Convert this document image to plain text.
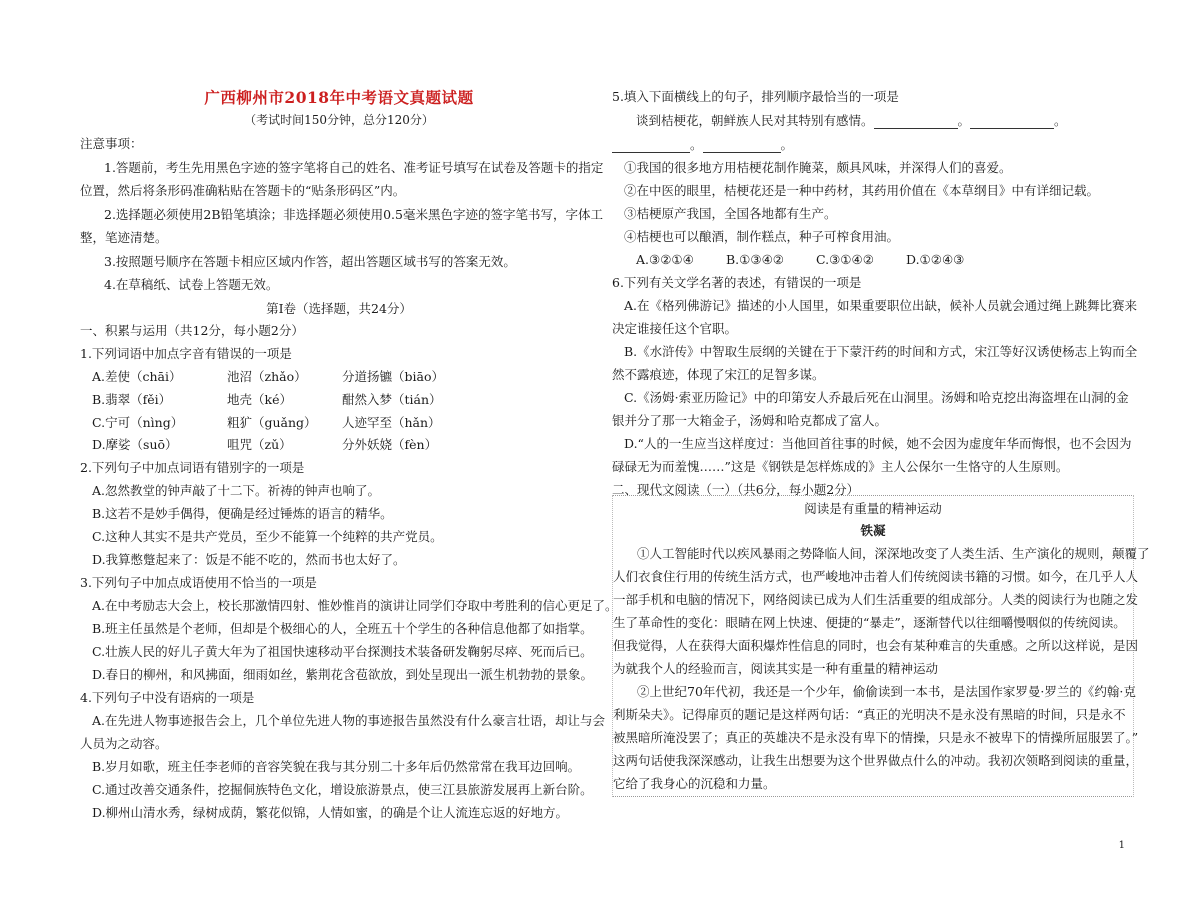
广西柳州市2018年中考语文真题试题

（考试时间150分钟，总分120分）

注意事项：

1.答题前，考生先用黑色字迹的签字笔将自己的姓名、准考证号填写在试卷及答题卡的指定

位置，然后将条形码准确粘贴在答题卡的“贴条形码区”内。

2.选择题必须使用2B铅笔填涂；非选择题必须使用0.5毫米黑色字迹的签字笔书写，字体工

整，笔迹清楚。

3.按照题号顺序在答题卡相应区域内作答，超出答题区域书写的答案无效。

4.在草稿纸、试卷上答题无效。

第Ⅰ卷（选择题，共24分）

一、积累与运用（共12分，每小题2分）

1.下列词语中加点字音有错误的一项是

A.差使（chāi）	池沼（zhǎo）	分道扬镳（biāo）

B.翡翠（fěi）	地壳（ké）	酣然入梦（tián）

C.宁可（nìng）	粗犷（guǎng） 人迹罕至（hǎn）

D.摩娑（suō）	咀咒（zǔ）	分外妖娆（fèn）

2.下列句子中加点词语有错别字的一项是

A.忽然教堂的钟声敲了十二下。祈祷的钟声也响了。

B.这若不是妙手偶得，便确是经过锤炼的语言的精华。

C.这种人其实不是共产党员，至少不能算一个纯粹的共产党员。

D.我算憋蹩起来了：饭是不能不吃的，然而书也太好了。

3.下列句子中加点成语使用不恰当的一项是

A.在中考励志大会上，校长那激情四射、惟妙惟肖的演讲让同学们夺取中考胜利的信心更足了。

B.班主任虽然是个老师，但却是个极细心的人，全班五十个学生的各种信息他都了如指掌。

C.壮族人民的好儿子黄大年为了祖国快速移动平台探测技术装备研发鞠躬尽瘁、死而后已。

D.春日的柳州，和风拂面，细雨如丝，紫荆花含苞欲放，到处呈现出一派生机勃勃的景象。

4.下列句子中没有语病的一项是

A.在先进人物事迹报告会上，几个单位先进人物的事迹报告虽然没有什么豪言壮语，却让与会

人员为之动容。

B.岁月如歌，班主任李老师的音容笑貌在我与其分别二十多年后仍然常常在我耳边回响。

C.通过改善交通条件，挖掘侗族特色文化，增设旅游景点，使三江县旅游发展再上新台阶。

D.柳州山清水秀，绿树成荫，繁花似锦，人情如蜜，的确是个让人流连忘返的好地方。

5.填入下面横线上的句子，排列顺序最恰当的一项是

谈到桔梗花，朝鲜族人民对其特别有感情。	。	。

。	。

①我国的很多地方用桔梗花制作腌菜，颇具风味，并深得人们的喜爱。

②在中医的眼里，桔梗花还是一种中药材，其药用价值在《本草纲目》中有详细记载。

③桔梗原产我国，全国各地都有生产。

④桔梗也可以酿酒，制作糕点，种子可榨食用油。

A.③②①④	B.①③④②	C.③①④②	D.①②④③

6.下列有关文学名著的表述，有错误的一项是

A.在《格列佛游记》描述的小人国里，如果重要职位出缺，候补人员就会通过绳上跳舞比赛来

决定谁接任这个官职。

B.《水浒传》中智取生辰纲的关键在于下蒙汗药的时间和方式，宋江等好汉诱使杨志上钩而全

然不露痕迹，体现了宋江的足智多谋。

C.《汤姆·索亚历险记》中的印第安人乔最后死在山洞里。汤姆和哈克挖出海盗埋在山洞的金

银并分了那一大箱金子，汤姆和哈克都成了富人。

D.“人的一生应当这样度过：当他回首往事的时候，她不会因为虚度年华而悔恨，也不会因为

碌碌无为而羞愧……”这是《钢铁是怎样炼成的》主人公保尔一生恪守的人生原则。

二、现代文阅读（一）（共6分，每小题2分）

阅读是有重量的精神运动

铁凝

①人工智能时代以疾风暴雨之势降临人间，深深地改变了人类生活、生产演化的规则，颠覆了

人们衣食住行用的传统生活方式，也严峻地冲击着人们传统阅读书籍的习惯。如今，在几乎人人

一部手机和电脑的情况下，网络阅读已成为人们生活重要的组成部分。人类的阅读行为也随之发

生了革命性的变化：眼睛在网上快速、便捷的“暴走”，逐渐替代以往细嚼慢咽似的传统阅读。

但我觉得，人在获得大面积爆炸性信息的同时，也会有某种难言的失重感。之所以这样说，是因

为就我个人的经验而言，阅读其实是一种有重量的精神运动

②上世纪70年代初，我还是一个少年，偷偷读到一本书，是法国作家罗曼·罗兰的《约翰·克

利斯朵夫》。记得扉页的题记是这样两句话：“真正的光明决不是永没有黑暗的时间，只是永不

被黑暗所淹没罢了；真正的英雄决不是永没有卑下的情操，只是永不被卑下的情操所屈服罢了。”

这两句话使我深深感动，让我生出想要为这个世界做点什么的冲动。我初次领略到阅读的重量，

它给了我身心的沉稳和力量。

1
